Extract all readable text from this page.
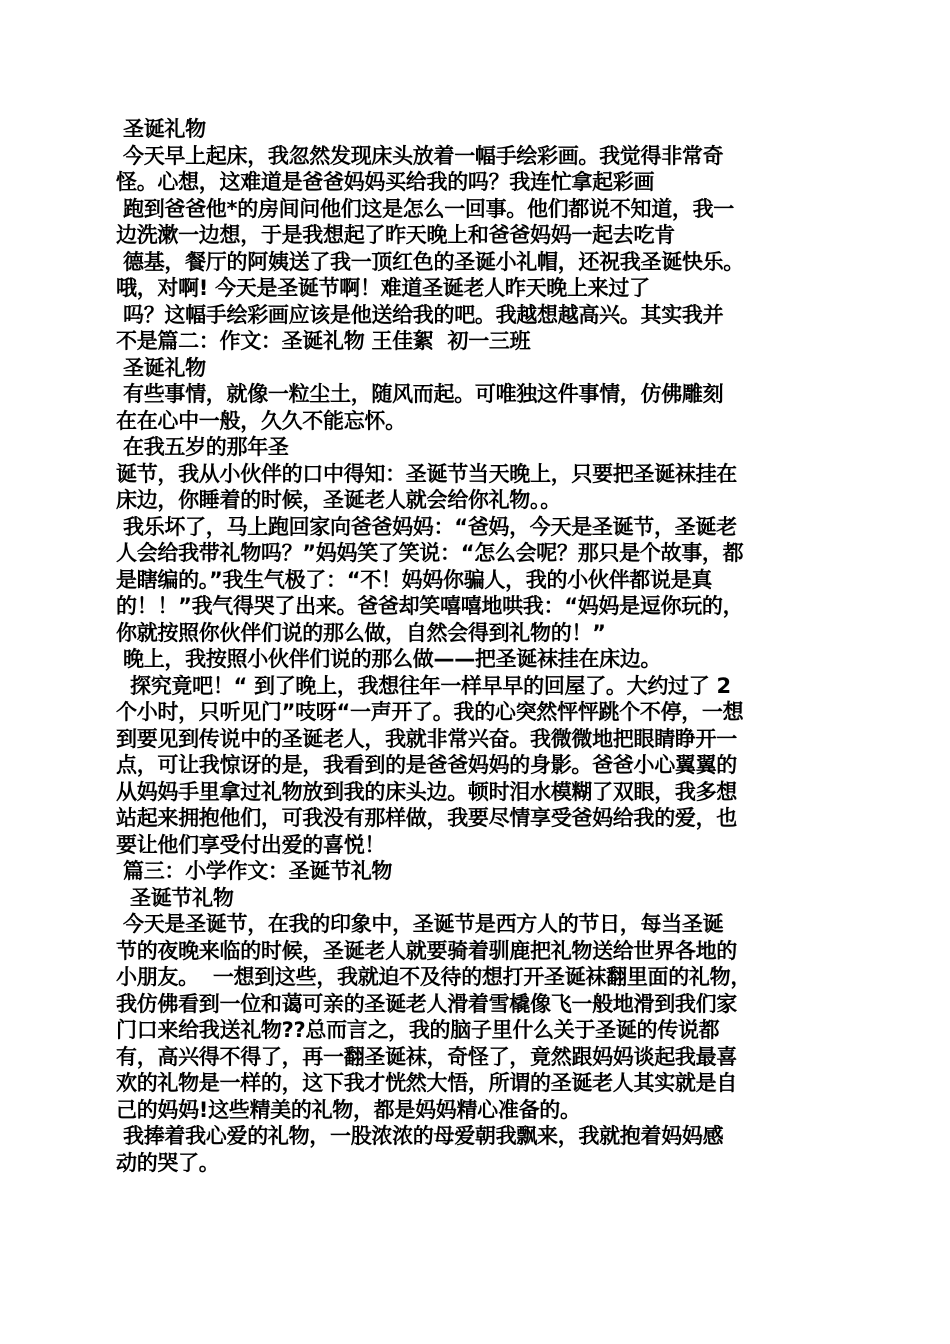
圣诞礼物
今天早上起床，我忽然发现床头放着一幅手绘彩画。我觉得非常奇
怪。心想，这难道是爸爸妈妈买给我的吗？我连忙拿起彩画
跑到爸爸他*的房间问他们这是怎么一回事。他们都说不知道，我一
边洗漱一边想，于是我想起了昨天晚上和爸爸妈妈一起去吃肯
德基，餐厅的阿姨送了我一顶红色的圣诞小礼帽，还祝我圣诞快乐。
哦，对啊! 今天是圣诞节啊！难道圣诞老人昨天晚上来过了
吗？这幅手绘彩画应该是他送给我的吧。我越想越高兴。其实我并
不是篇二：作文：圣诞礼物 王佳絮  初一三班
圣诞礼物
有些事情，就像一粒尘土，随风而起。可唯独这件事情，仿佛雕刻
在在心中一般，久久不能忘怀。
在我五岁的那年圣
诞节，我从小伙伴的口中得知：圣诞节当天晚上，只要把圣诞袜挂在
床边，你睡着的时候，圣诞老人就会给你礼物。。
我乐坏了，马上跑回家向爸爸妈妈：“爸妈，今天是圣诞节，圣诞老
人会给我带礼物吗？”妈妈笑了笑说：“怎么会呢？那只是个故事，都
是瞎编的。”我生气极了：“不！妈妈你骗人，我的小伙伴都说是真
的！！”我气得哭了出来。爸爸却笑嘻嘻地哄我：“妈妈是逗你玩的，
你就按照你伙伴们说的那么做，自然会得到礼物的！”
晚上，我按照小伙伴们说的那么做——把圣诞袜挂在床边。
探究竟吧！“ 到了晚上，我想往年一样早早的回屋了。大约过了 2
个小时，只听见门”吱呀“一声开了。我的心突然怦怦跳个不停，一想
到要见到传说中的圣诞老人，我就非常兴奋。我微微地把眼睛睁开一
点，可让我惊讶的是，我看到的是爸爸妈妈的身影。爸爸小心翼翼的
从妈妈手里拿过礼物放到我的床头边。顿时泪水模糊了双眼，我多想
站起来拥抱他们，可我没有那样做，我要尽情享受爸妈给我的爱，也
要让他们享受付出爱的喜悦！
篇三：小学作文：圣诞节礼物
圣诞节礼物
今天是圣诞节，在我的印象中，圣诞节是西方人的节日，每当圣诞
节的夜晚来临的时候，圣诞老人就要骑着驯鹿把礼物送给世界各地的
小朋友。  一想到这些，我就迫不及待的想打开圣诞袜翻里面的礼物，
我仿佛看到一位和蔼可亲的圣诞老人滑着雪橇像飞一般地滑到我们家
门口来给我送礼物??总而言之，我的脑子里什么关于圣诞的传说都
有，高兴得不得了，再一翻圣诞袜，奇怪了，竟然跟妈妈谈起我最喜
欢的礼物是一样的，这下我才恍然大悟，所谓的圣诞老人其实就是自
己的妈妈!这些精美的礼物，都是妈妈精心准备的。
我捧着我心爱的礼物，一股浓浓的母爱朝我飘来，我就抱着妈妈感
动的哭了。
